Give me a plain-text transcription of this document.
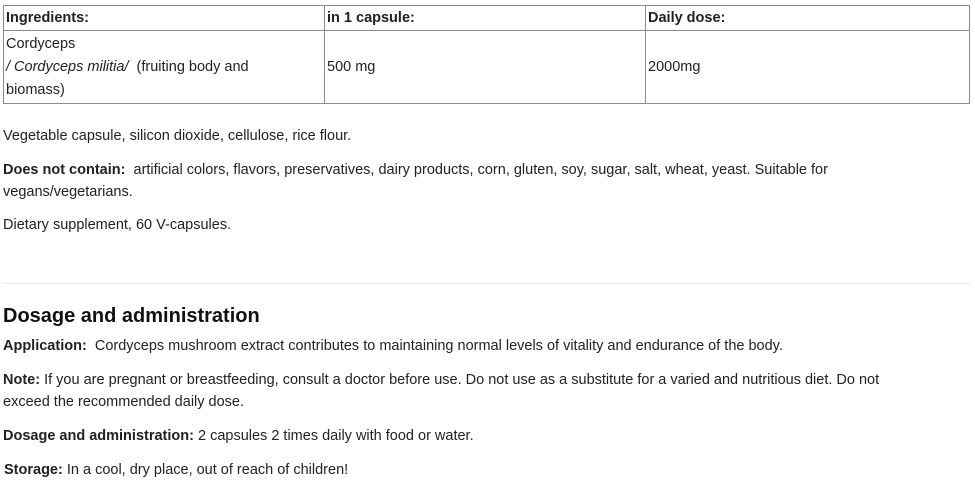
Ingredients:	in 1 capsule:	Daily dose:
Cordyceps
/ Cordyceps militia/ (fruiting body and
biomass)	500 mg	2000mg

Vegetable capsule, silicon dioxide, cellulose, rice flour.

Does not contain: artificial colors, flavors, preservatives, dairy products, corn, gluten, soy, sugar, salt, wheat, yeast. Suitable for
vegans/vegetarians.

Dietary supplement, 60 V-capsules.

Dosage and administration

Application: Cordyceps mushroom extract contributes to maintaining normal levels of vitality and endurance of the body.

Note: If you are pregnant or breastfeeding, consult a doctor before use. Do not use as a substitute for a varied and nutritious diet. Do not
exceed the recommended daily dose.

Dosage and administration: 2 capsules 2 times daily with food or water.

Storage: In a cool, dry place, out of reach of children!
